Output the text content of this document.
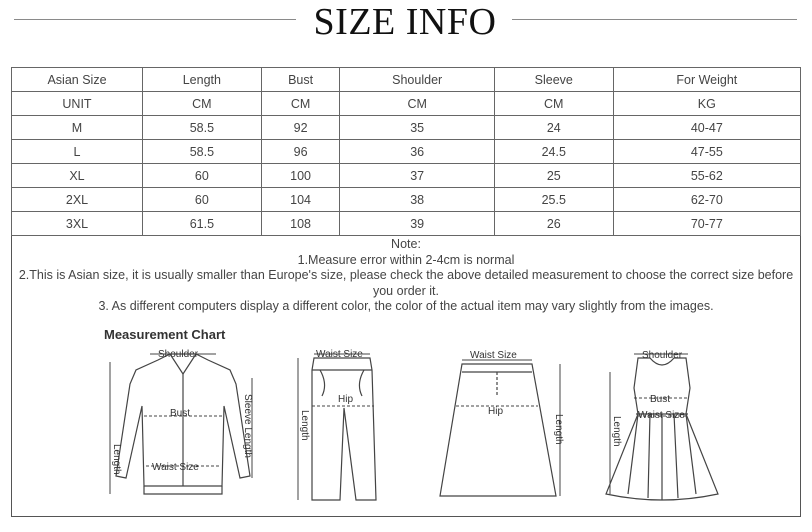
SIZE INFO
Asian Size	Length	Bust	Shoulder	Sleeve	For Weight
UNIT	CM	CM	CM	CM	KG
M	58.5	92	35	24	40-47
L	58.5	96	36	24.5	47-55
XL	60	100	37	25	55-62
2XL	60	104	38	25.5	62-70
3XL	61.5	108	39	26	70-77
Note:
1.Measure error within 2-4cm is normal
2.This is Asian size, it is usually smaller than Europe's size, please check the above detailed measurement to choose the correct size before you order it.
3. As different computers display a different color, the color of the actual item may vary slightly from the images.
Measurement Chart
Shoulder
Bust
Waist Size
Length
Sleeve Length
Waist Size
Hip
Length
Waist Size
Hip
Length
Shoulder
Bust
Waist Size
Length
